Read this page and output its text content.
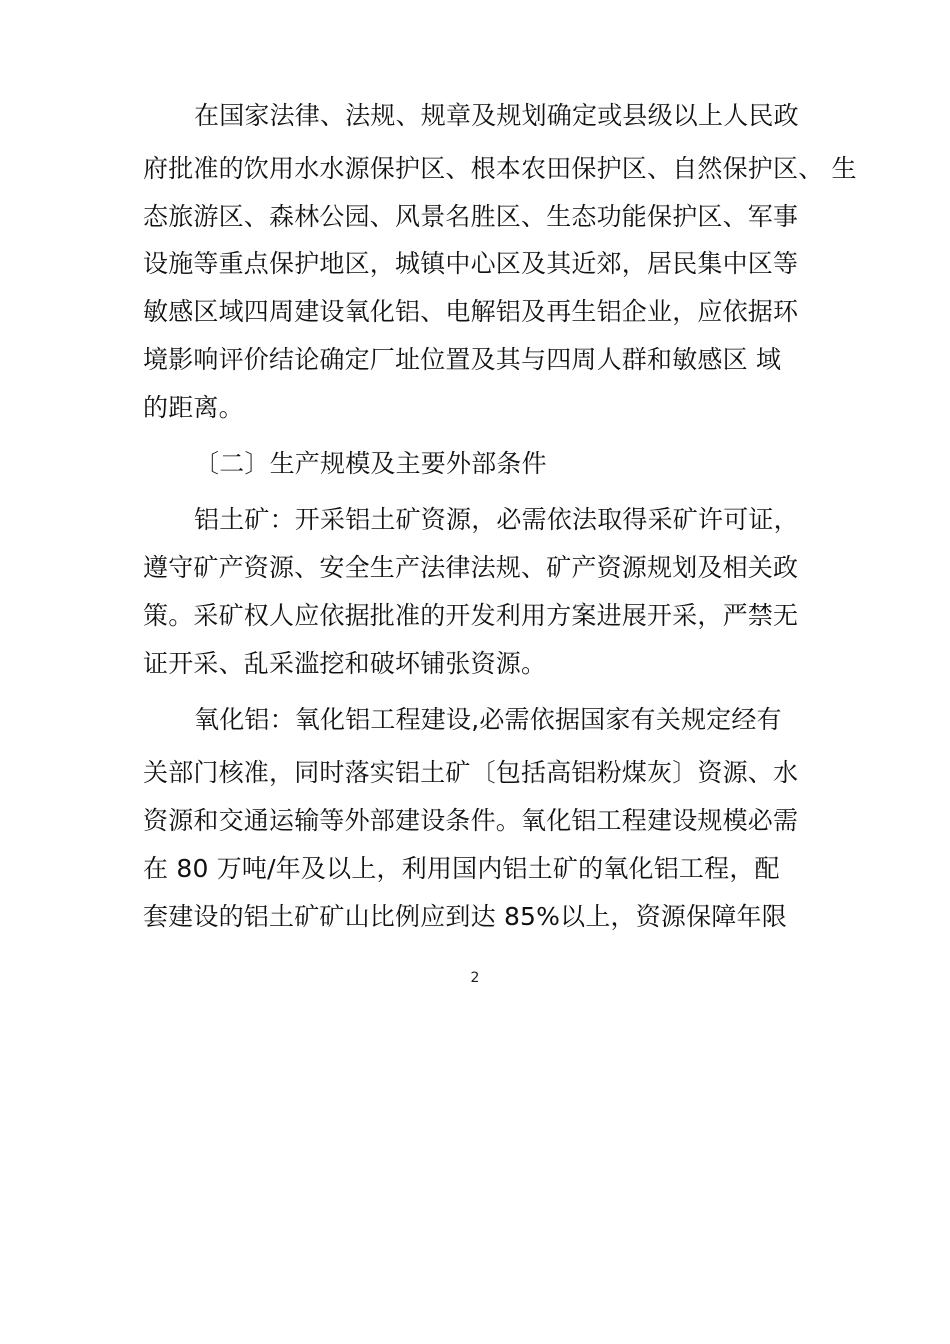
在国家法律、法规、规章及规划确定或县级以上人民政
府批准的饮用水水源保护区、根本农田保护区、自然保护区、 生
态旅游区、森林公园、风景名胜区、生态功能保护区、军事
设施等重点保护地区，城镇中心区及其近郊，居民集中区等
敏感区域四周建设氧化铝、电解铝及再生铝企业，应依据环
境影响评价结论确定厂址位置及其与四周人群和敏感区 域
的距离。
〔二〕生产规模及主要外部条件
铝土矿：开采铝土矿资源，必需依法取得采矿许可证，
遵守矿产资源、安全生产法律法规、矿产资源规划及相关政
策。采矿权人应依据批准的开发利用方案进展开采，严禁无
证开采、乱采滥挖和破坏铺张资源。
氧化铝：氧化铝工程建设,必需依据国家有关规定经有
关部门核准，同时落实铝土矿〔包括高铝粉煤灰〕资源、水
资源和交通运输等外部建设条件。氧化铝工程建设规模必需
在 80 万吨/年及以上，利用国内铝土矿的氧化铝工程，配
套建设的铝土矿矿山比例应到达 85%以上，资源保障年限
2
